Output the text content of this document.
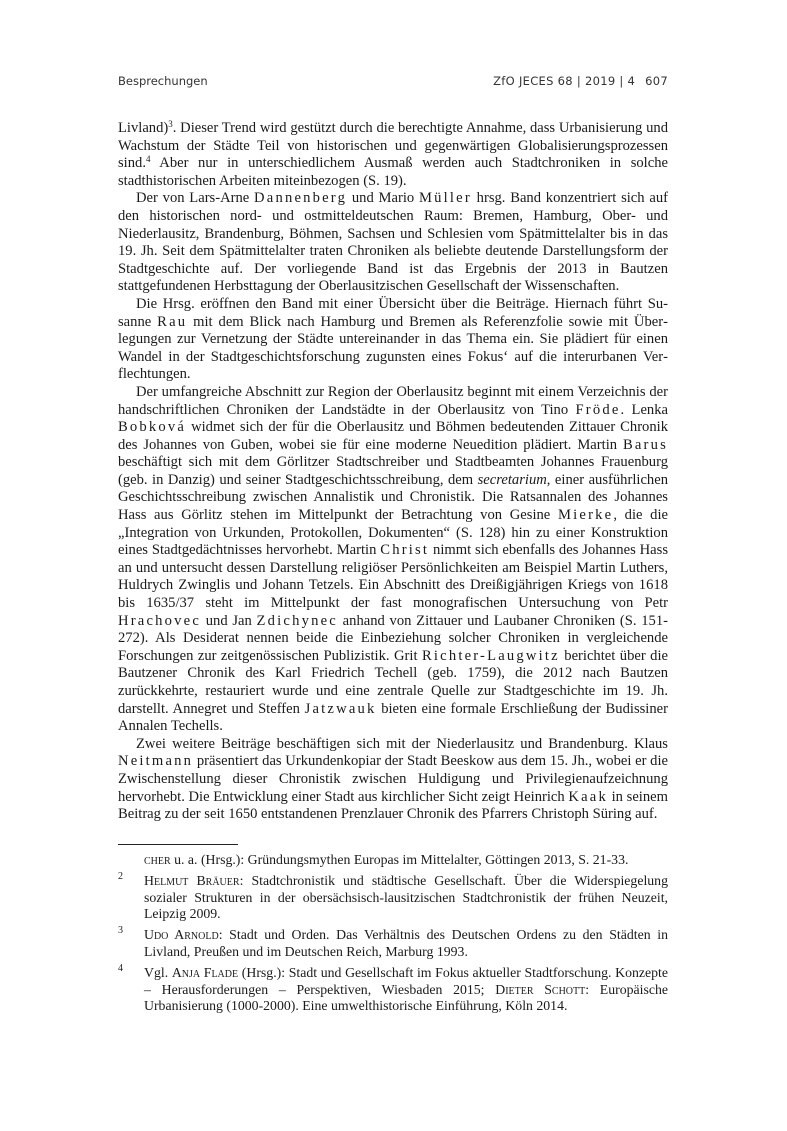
Besprechungen	ZfO JECES 68 | 2019 | 4 607

Livland)$^3$. Dieser Trend wird gestützt durch die berechtigte Annahme, dass Urbanisierung und Wachstum der Städte Teil von historischen und gegenwärtigen Globalisierungsprozessen sind.$^4$ Aber nur in unterschiedlichem Ausmaß werden auch Stadtchroniken in solche stadthistorischen Arbeiten miteinbezogen (S. 19).

Der von Lars-Arne Dannenberg und Mario Müller hrsg. Band konzentriert sich auf den historischen nord- und ostmitteldeutschen Raum: Bremen, Hamburg, Ober- und Niederlausitz, Brandenburg, Böhmen, Sachsen und Schlesien vom Spätmittelalter bis in das 19. Jh. Seit dem Spätmittelalter traten Chroniken als beliebte deutende Darstellungsform der Stadtgeschichte auf. Der vorliegende Band ist das Ergebnis der 2013 in Bautzen stattgefundenen Herbsttagung der Oberlausitzischen Gesellschaft der Wissenschaften.

Die Hrsg. eröffnen den Band mit einer Übersicht über die Beiträge. Hiernach führt Susanne Rau mit dem Blick nach Hamburg und Bremen als Referenzfolie sowie mit Überlegungen zur Vernetzung der Städte untereinander in das Thema ein. Sie plädiert für einen Wandel in der Stadtgeschichtsforschung zugunsten eines Fokus‘ auf die interurbanen Verflechtungen.

Der umfangreiche Abschnitt zur Region der Oberlausitz beginnt mit einem Verzeichnis der handschriftlichen Chroniken der Landstädte in der Oberlausitz von Tino Fröde. Lenka Bobková widmet sich der für die Oberlausitz und Böhmen bedeutenden Zittauer Chronik des Johannes von Guben, wobei sie für eine moderne Neuedition plädiert. Martin Barus beschäftigt sich mit dem Görlitzer Stadtschreiber und Stadtbeamten Johannes Frauenburg (geb. in Danzig) und seiner Stadtgeschichtsschreibung, dem secretarium, einer ausführlichen Geschichtsschreibung zwischen Annalistik und Chronistik. Die Ratsannalen des Johannes Hass aus Görlitz stehen im Mittelpunkt der Betrachtung von Gesine Mierke, die die „Integration von Urkunden, Protokollen, Dokumenten“ (S. 128) hin zu einer Konstruktion eines Stadtgedächtnisses hervorhebt. Martin Christ nimmt sich ebenfalls des Johannes Hass an und untersucht dessen Darstellung religiöser Persönlichkeiten am Beispiel Martin Luthers, Huldrych Zwinglis und Johann Tetzels. Ein Abschnitt des Dreißigjährigen Kriegs von 1618 bis 1635/37 steht im Mittelpunkt der fast monografischen Untersuchung von Petr Hrachovec und Jan Zdichynec anhand von Zittauer und Laubaner Chroniken (S. 151-272). Als Desiderat nennen beide die Einbeziehung solcher Chroniken in vergleichende Forschungen zur zeitgenössischen Publizistik. Grit Richter-Laugwitz berichtet über die Bautzener Chronik des Karl Friedrich Techell (geb. 1759), die 2012 nach Bautzen zurückkehrte, restauriert wurde und eine zentrale Quelle zur Stadtgeschichte im 19. Jh. darstellt. Annegret und Steffen Jatzwauk bieten eine formale Erschließung der Budissiner Annalen Techells.

Zwei weitere Beiträge beschäftigen sich mit der Niederlausitz und Brandenburg. Klaus Neitmann präsentiert das Urkundenkopiar der Stadt Beeskow aus dem 15. Jh., wobei er die Zwischenstellung dieser Chronistik zwischen Huldigung und Privilegienaufzeichnung hervorhebt. Die Entwicklung einer Stadt aus kirchlicher Sicht zeigt Heinrich Kaak in seinem Beitrag zu der seit 1650 entstandenen Prenzlauer Chronik des Pfarrers Christoph Süring auf.

cher u. a. (Hrsg.): Gründungsmythen Europas im Mittelalter, Göttingen 2013, S. 21-33.
2 Helmut Bräuer: Stadtchronistik und städtische Gesellschaft. Über die Widerspiegelung sozialer Strukturen in der obersächsisch-lausitzischen Stadtchronistik der frühen Neuzeit, Leipzig 2009.
3 Udo Arnold: Stadt und Orden. Das Verhältnis des Deutschen Ordens zu den Städten in Livland, Preußen und im Deutschen Reich, Marburg 1993.
4 Vgl. Anja Flade (Hrsg.): Stadt und Gesellschaft im Fokus aktueller Stadtforschung. Konzepte – Herausforderungen – Perspektiven, Wiesbaden 2015; Dieter Schott: Europäische Urbanisierung (1000-2000). Eine umwelthistorische Einführung, Köln 2014.
